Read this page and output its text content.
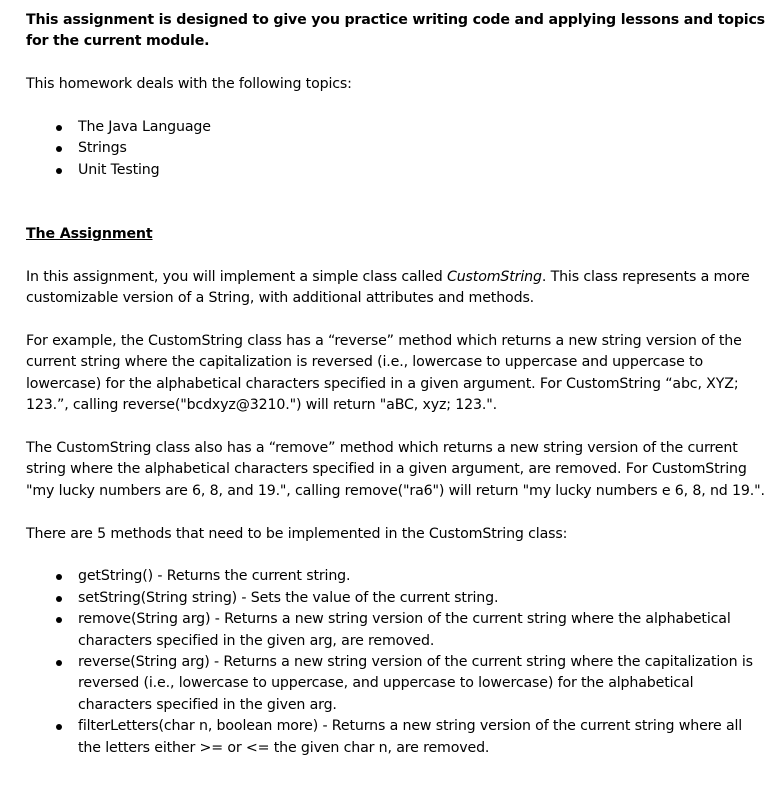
This assignment is designed to give you practice writing code and applying lessons and topics for the current module.

This homework deals with the following topics:

The Java Language
Strings
Unit Testing

The Assignment

In this assignment, you will implement a simple class called CustomString. This class represents a more customizable version of a String, with additional attributes and methods.

For example, the CustomString class has a “reverse” method which returns a new string version of the current string where the capitalization is reversed (i.e., lowercase to uppercase and uppercase to lowercase) for the alphabetical characters specified in a given argument. For CustomString “abc, XYZ; 123.”, calling reverse("bcdxyz@3210.") will return "aBC, xyz; 123.".

The CustomString class also has a “remove” method which returns a new string version of the current string where the alphabetical characters specified in a given argument, are removed. For CustomString "my lucky numbers are 6, 8, and 19.", calling remove("ra6") will return "my lucky numbers e 6, 8, nd 19.".

There are 5 methods that need to be implemented in the CustomString class:

getString() - Returns the current string.
setString(String string) - Sets the value of the current string.
remove(String arg) - Returns a new string version of the current string where the alphabetical characters specified in the given arg, are removed.
reverse(String arg) - Returns a new string version of the current string where the capitalization is reversed (i.e., lowercase to uppercase, and uppercase to lowercase) for the alphabetical characters specified in the given arg.
filterLetters(char n, boolean more) - Returns a new string version of the current string where all the letters either >= or <= the given char n, are removed.
